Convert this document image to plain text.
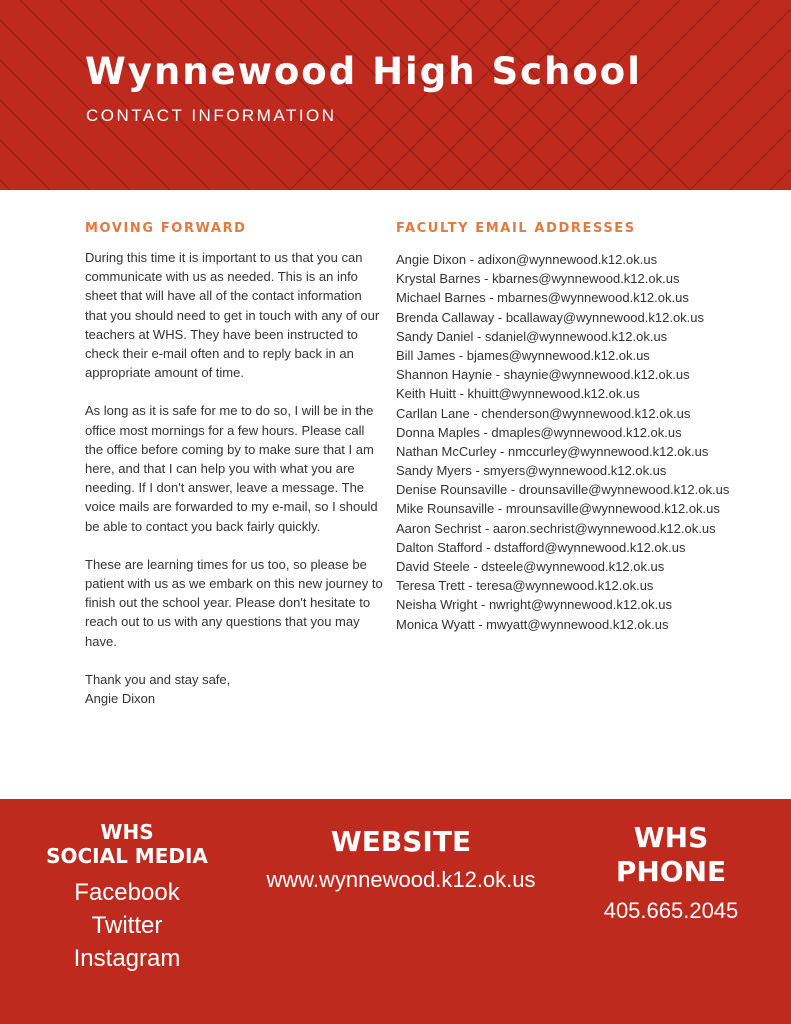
Wynnewood High School

CONTACT INFORMATION

MOVING FORWARD

During this time it is important to us that you can communicate with us as needed. This is an info sheet that will have all of the contact information that you should need to get in touch with any of our teachers at WHS. They have been instructed to check their e-mail often and to reply back in an appropriate amount of time.

As long as it is safe for me to do so, I will be in the office most mornings for a few hours. Please call the office before coming by to make sure that I am here, and that I can help you with what you are needing. If I don't answer, leave a message. The voice mails are forwarded to my e-mail, so I should be able to contact you back fairly quickly.

These are learning times for us too, so please be patient with us as we embark on this new journey to finish out the school year. Please don't hesitate to reach out to us with any questions that you may have.

Thank you and stay safe,
Angie Dixon
FACULTY EMAIL ADDRESSES
Angie Dixon - adixon@wynnewood.k12.ok.us
Krystal Barnes - kbarnes@wynnewood.k12.ok.us
Michael Barnes - mbarnes@wynnewood.k12.ok.us
Brenda Callaway - bcallaway@wynnewood.k12.ok.us
Sandy Daniel - sdaniel@wynnewood.k12.ok.us
Bill James - bjames@wynnewood.k12.ok.us
Shannon Haynie - shaynie@wynnewood.k12.ok.us
Keith Huitt - khuitt@wynnewood.k12.ok.us
Carllan Lane - chenderson@wynnewood.k12.ok.us
Donna Maples - dmaples@wynnewood.k12.ok.us
Nathan McCurley - nmccurley@wynnewood.k12.ok.us
Sandy Myers - smyers@wynnewood.k12.ok.us
Denise Rounsaville - drounsaville@wynnewood.k12.ok.us
Mike Rounsaville - mrounsaville@wynnewood.k12.ok.us
Aaron Sechrist - aaron.sechrist@wynnewood.k12.ok.us
Dalton Stafford - dstafford@wynnewood.k12.ok.us
David Steele - dsteele@wynnewood.k12.ok.us
Teresa Trett - teresa@wynnewood.k12.ok.us
Neisha Wright - nwright@wynnewood.k12.ok.us
Monica Wyatt - mwyatt@wynnewood.k12.ok.us
WHS
SOCIAL MEDIA
Facebook
Twitter
Instagram
WEBSITE
www.wynnewood.k12.ok.us
WHS
PHONE
405.665.2045
